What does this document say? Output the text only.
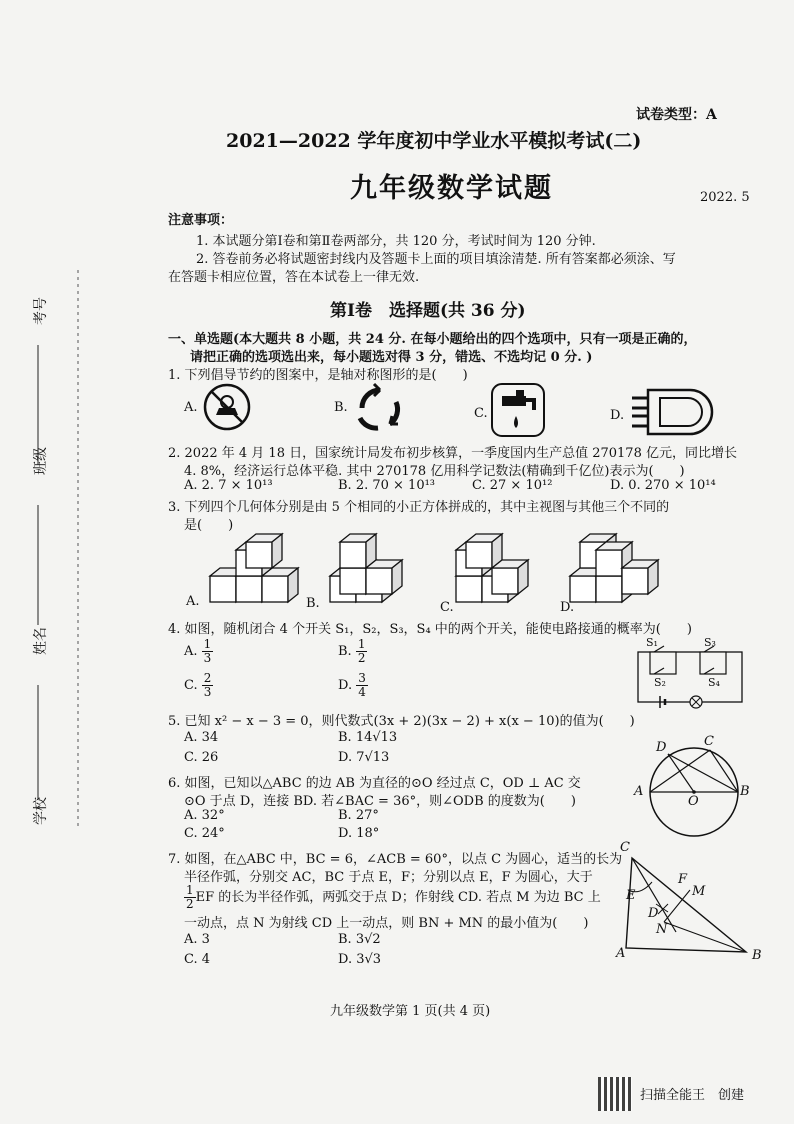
试卷类型：A
2021—2022 学年度初中学业水平模拟考试(二)
九年级数学试题	2022. 5
注意事项：
1. 本试题分第Ⅰ卷和第Ⅱ卷两部分，共 120 分，考试时间为 120 分钟.
2. 答卷前务必将试题密封线内及答题卡上面的项目填涂清楚. 所有答案都必须涂、写
在答题卡相应位置，答在本试卷上一律无效.
第Ⅰ卷　选择题(共 36 分)
一、单选题(本大题共 8 小题，共 24 分. 在每小题给出的四个选项中，只有一项是正确的，
请把正确的选项选出来，每小题选对得 3 分，错选、不选均记 0 分. )
学校
姓名
班级
考号
1. 下列倡导节约的图案中，是轴对称图形的是(　　)
A.	B.	C.	D.
2. 2022 年 4 月 18 日，国家统计局发布初步核算，一季度国内生产总值 270178 亿元，同比增长
4. 8%，经济运行总体平稳. 其中 270178 亿用科学记数法(精确到千亿位)表示为(　　)
A. 2. 7 × 10¹³	B. 2. 70 × 10¹³	C. 27 × 10¹²	D. 0. 270 × 10¹⁴
3. 下列四个几何体分别是由 5 个相同的小正方体拼成的，其中主视图与其他三个不同的
是(　　)
A.	B.	C.	D.
4. 如图，随机闭合 4 个开关 S₁，S₂，S₃，S₄ 中的两个开关，能使电路接通的概率为(　　)
A. $\frac{1}{3}$	B. $\frac{1}{2}$
C. $\frac{2}{3}$	D. $\frac{3}{4}$
S₁	S₃
S₂	S₄
5. 已知 x² − x − 3 = 0，则代数式(3x + 2)(3x − 2) + x(x − 10)的值为(　　)
A. 34	B. 14√13
C. 26	D. 7√13
6. 如图，已知以△ABC 的边 AB 为直径的⊙O 经过点 C，OD ⊥ AC 交
⊙O 于点 D，连接 BD. 若∠BAC = 36°，则∠ODB 的度数为(　　)
A. 32°	B. 27°
C. 24°	D. 18°
A	B
C
D
O
7. 如图，在△ABC 中，BC = 6，∠ACB = 60°，以点 C 为圆心，适当的长为
半径作弧，分别交 AC，BC 于点 E，F；分别以点 E，F 为圆心，大于
$\frac{1}{2}$ EF 的长为半径作弧，两弧交于点 D；作射线 CD. 若点 M 为边 BC 上
一动点，点 N 为射线 CD 上一动点，则 BN + MN 的最小值为(　　)
A. 3	B. 3√2
C. 4	D. 3√3
C
A	B
D
E
F
M
N
九年级数学第 1 页(共 4 页)
扫描全能王　创建
